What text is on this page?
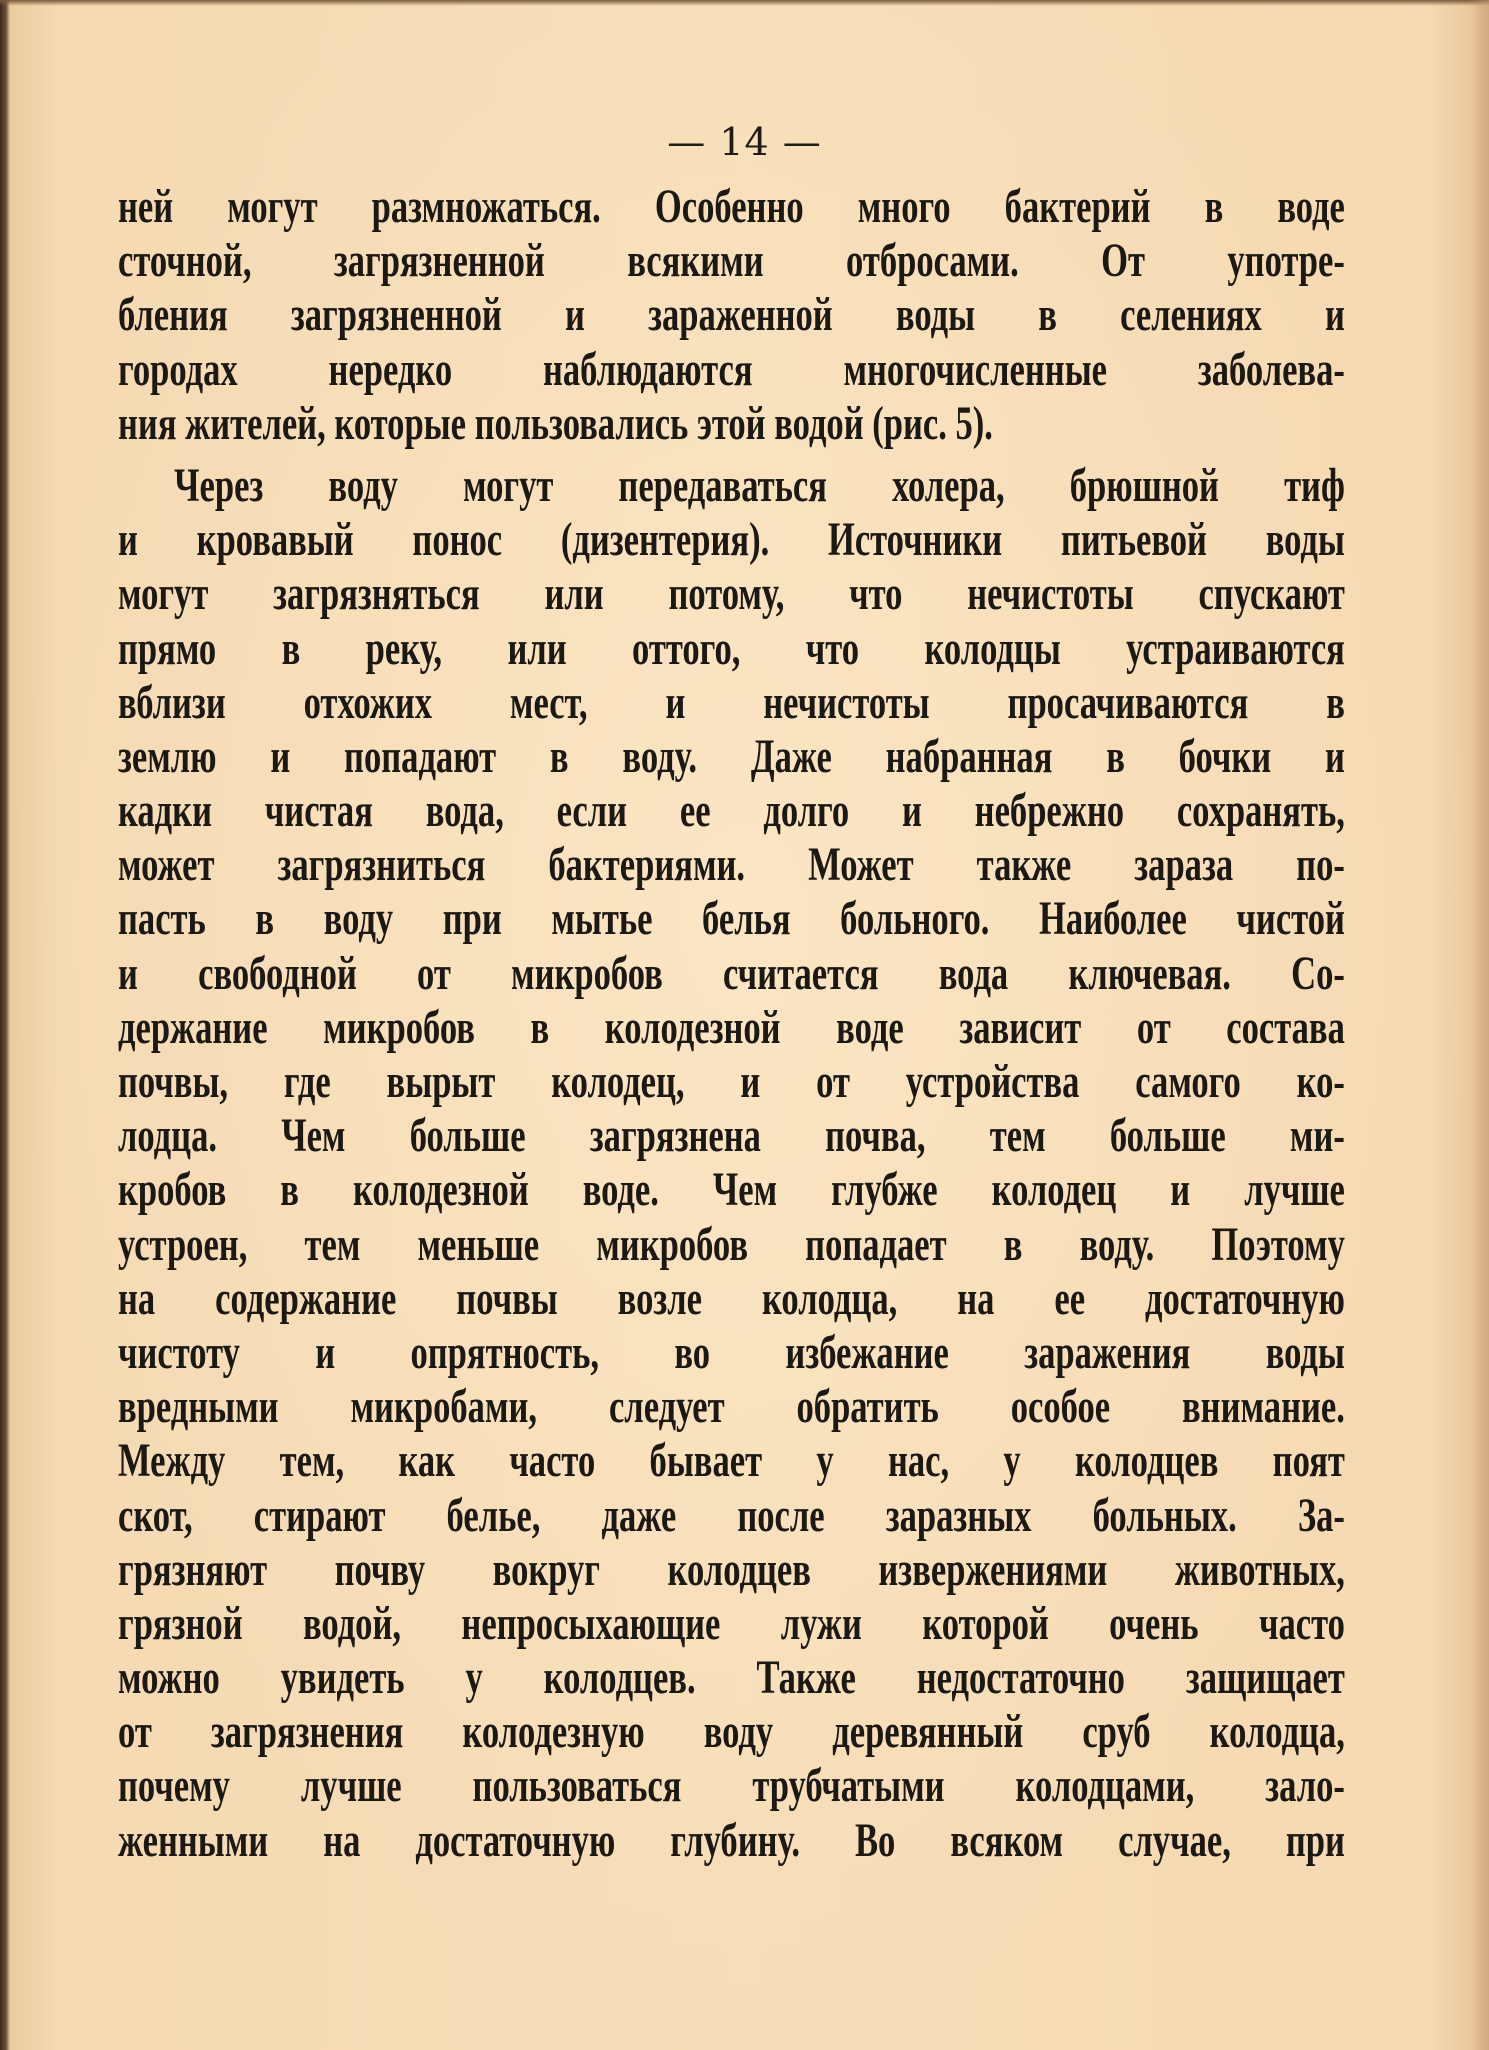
— 14 —
ней могут размножаться. Особенно много бактерий в воде
сточной, загрязненной всякими отбросами. От употре-
бления загрязненной и зараженной воды в селениях и
городах нередко наблюдаются многочисленные заболева-
ния жителей, которые пользовались этой водой (рис. 5).
Через воду могут передаваться холера, брюшной тиф
и кровавый понос (дизентерия). Источники питьевой воды
могут загрязняться или потому, что нечистоты спускают
прямо в реку, или оттого, что колодцы устраиваются
вблизи отхожих мест, и нечистоты просачиваются в
землю и попадают в воду. Даже набранная в бочки и
кадки чистая вода, если ее долго и небрежно сохранять,
может загрязниться бактериями. Может также зараза по-
пасть в воду при мытье белья больного. Наиболее чистой
и свободной от микробов считается вода ключевая. Со-
держание микробов в колодезной воде зависит от состава
почвы, где вырыт колодец, и от устройства самого ко-
лодца. Чем больше загрязнена почва, тем больше ми-
кробов в колодезной воде. Чем глубже колодец и лучше
устроен, тем меньше микробов попадает в воду. Поэтому
на содержание почвы возле колодца, на ее достаточную
чистоту и опрятность, во избежание заражения воды
вредными микробами, следует обратить особое внимание.
Между тем, как часто бывает у нас, у колодцев поят
скот, стирают белье, даже после заразных больных. За-
грязняют почву вокруг колодцев извержениями животных,
грязной водой, непросыхающие лужи которой очень часто
можно увидеть у колодцев. Также недостаточно защищает
от загрязнения колодезную воду деревянный сруб колодца,
почему лучше пользоваться трубчатыми колодцами, зало-
женными на достаточную глубину. Во всяком случае, при
